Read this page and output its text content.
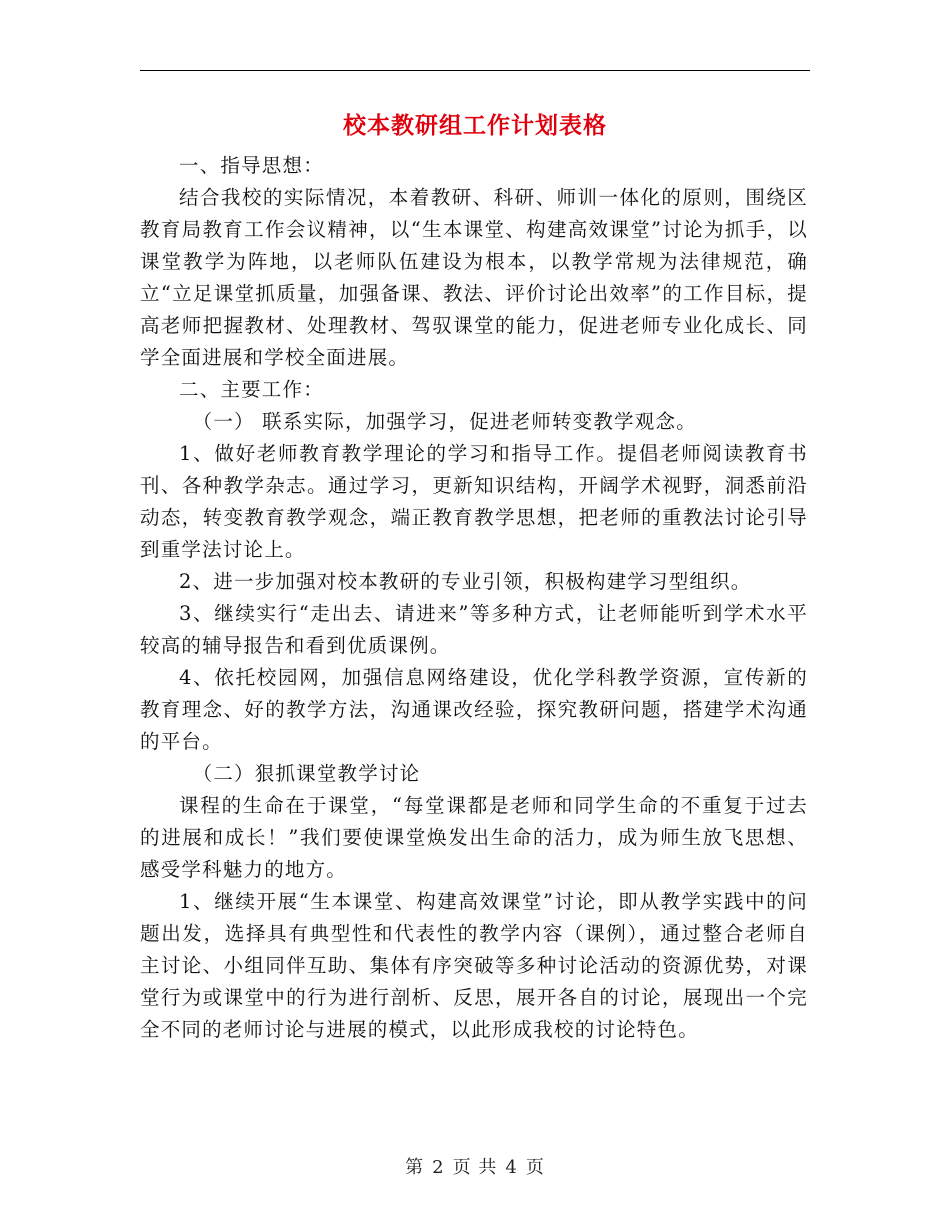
校本教研组工作计划表格

一、指导思想：

结合我校的实际情况，本着教研、科研、师训一体化的原则，围绕区教育局教育工作会议精神，以“生本课堂、构建高效课堂”讨论为抓手，以课堂教学为阵地，以老师队伍建设为根本，以教学常规为法律规范，确立“立足课堂抓质量，加强备课、教法、评价讨论出效率”的工作目标，提高老师把握教材、处理教材、驾驭课堂的能力，促进老师专业化成长、同学全面进展和学校全面进展。

二、主要工作：

（一） 联系实际，加强学习，促进老师转变教学观念。

1、做好老师教育教学理论的学习和指导工作。提倡老师阅读教育书刊、各种教学杂志。通过学习，更新知识结构，开阔学术视野，洞悉前沿动态，转变教育教学观念，端正教育教学思想，把老师的重教法讨论引导到重学法讨论上。

2、进一步加强对校本教研的专业引领，积极构建学习型组织。

3、继续实行“走出去、请进来”等多种方式，让老师能听到学术水平较高的辅导报告和看到优质课例。

4、依托校园网，加强信息网络建设，优化学科教学资源，宣传新的教育理念、好的教学方法，沟通课改经验，探究教研问题，搭建学术沟通的平台。

（二）狠抓课堂教学讨论

课程的生命在于课堂，“每堂课都是老师和同学生命的不重复于过去的进展和成长！”我们要使课堂焕发出生命的活力，成为师生放飞思想、感受学科魅力的地方。

1、继续开展“生本课堂、构建高效课堂”讨论，即从教学实践中的问题出发，选择具有典型性和代表性的教学内容（课例），通过整合老师自主讨论、小组同伴互助、集体有序突破等多种讨论活动的资源优势，对课堂行为或课堂中的行为进行剖析、反思，展开各自的讨论，展现出一个完全不同的老师讨论与进展的模式，以此形成我校的讨论特色。

第 2 页 共 4 页
